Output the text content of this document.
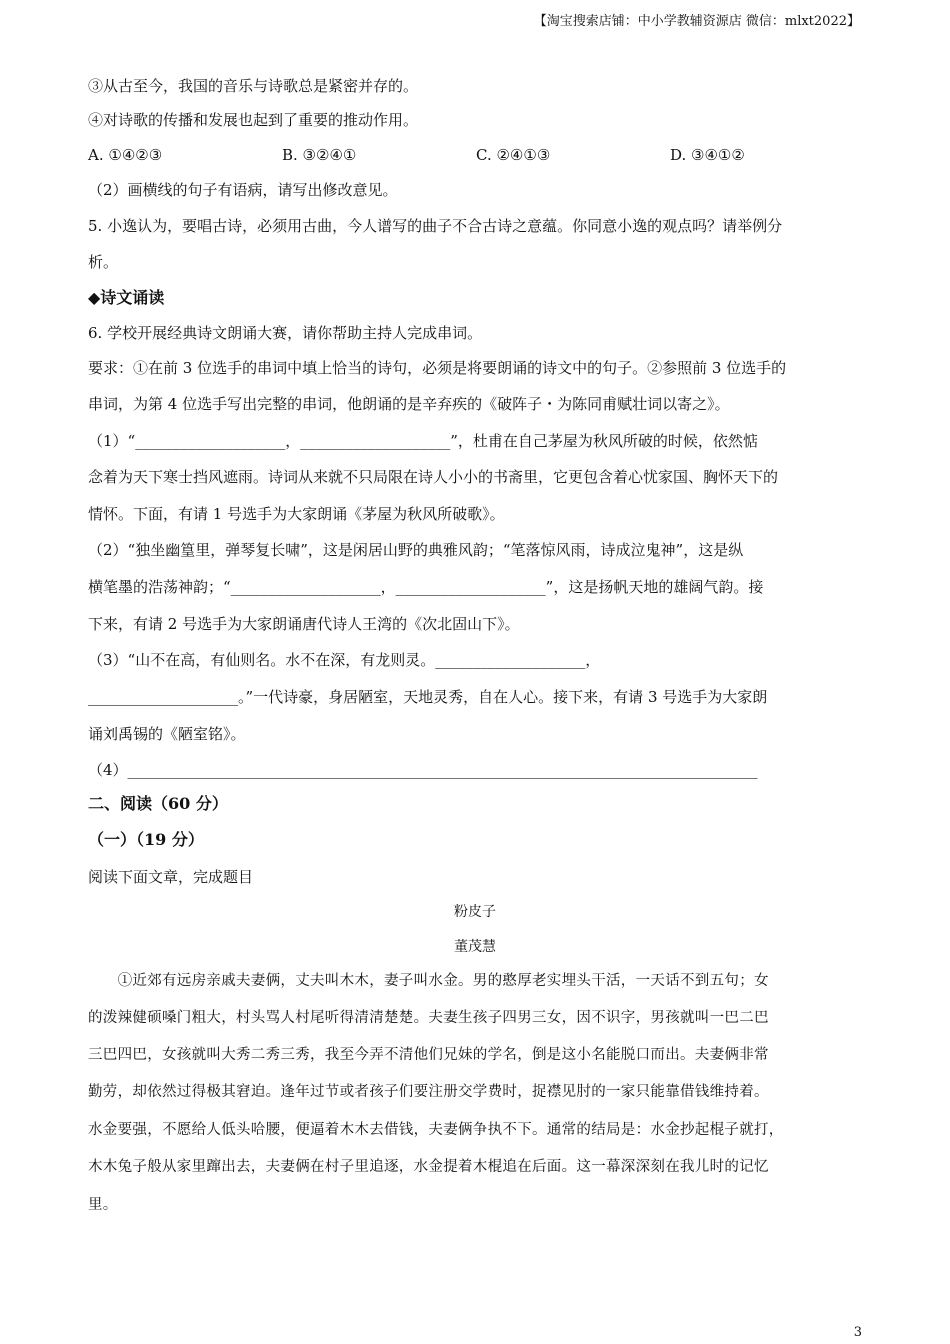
【淘宝搜索店铺：中小学教辅资源店 微信：mlxt2022】
③从古至今，我国的音乐与诗歌总是紧密并存的。
④对诗歌的传播和发展也起到了重要的推动作用。
A. ①④②③	B. ③②④①	C. ②④①③	D. ③④①②
（2）画横线的句子有语病，请写出修改意见。
5. 小逸认为，要唱古诗，必须用古曲，今人谱写的曲子不合古诗之意蕴。你同意小逸的观点吗？请举例分
析。
◆诗文诵读
6. 学校开展经典诗文朗诵大赛，请你帮助主持人完成串词。
要求：①在前 3 位选手的串词中填上恰当的诗句，必须是将要朗诵的诗文中的句子。②参照前 3 位选手的
串词，为第 4 位选手写出完整的串词，他朗诵的是辛弃疾的《破阵子・为陈同甫赋壮词以寄之》。
（1）“____________________，____________________”，杜甫在自己茅屋为秋风所破的时候，依然惦
念着为天下寒士挡风遮雨。诗词从来就不只局限在诗人小小的书斋里，它更包含着心忧家国、胸怀天下的
情怀。下面，有请 1 号选手为大家朗诵《茅屋为秋风所破歌》。
（2）“独坐幽篁里，弹琴复长啸”，这是闲居山野的典雅风韵；“笔落惊风雨，诗成泣鬼神”，这是纵
横笔墨的浩荡神韵；“____________________，____________________”，这是扬帆天地的雄阔气韵。接
下来，有请 2 号选手为大家朗诵唐代诗人王湾的《次北固山下》。
（3）“山不在高，有仙则名。水不在深，有龙则灵。____________________，
____________________。”一代诗豪，身居陋室，天地灵秀，自在人心。接下来，有请 3 号选手为大家朗
诵刘禹锡的《陋室铭》。
（4）____________________________________________________________________________________
二、阅读（60 分）
（一）（19 分）
阅读下面文章，完成题目
粉皮子
董茂慧
　　①近郊有远房亲戚夫妻俩，丈夫叫木木，妻子叫水金。男的憨厚老实埋头干活，一天话不到五句；女
的泼辣健硕嗓门粗大，村头骂人村尾听得清清楚楚。夫妻生孩子四男三女，因不识字，男孩就叫一巴二巴
三巴四巴，女孩就叫大秀二秀三秀，我至今弄不清他们兄妹的学名，倒是这小名能脱口而出。夫妻俩非常
勤劳，却依然过得极其窘迫。逢年过节或者孩子们要注册交学费时，捉襟见肘的一家只能靠借钱维持着。
水金要强，不愿给人低头哈腰，便逼着木木去借钱，夫妻俩争执不下。通常的结局是：水金抄起棍子就打，
木木兔子般从家里蹿出去，夫妻俩在村子里追逐，水金提着木棍追在后面。这一幕深深刻在我儿时的记忆
里。
3
